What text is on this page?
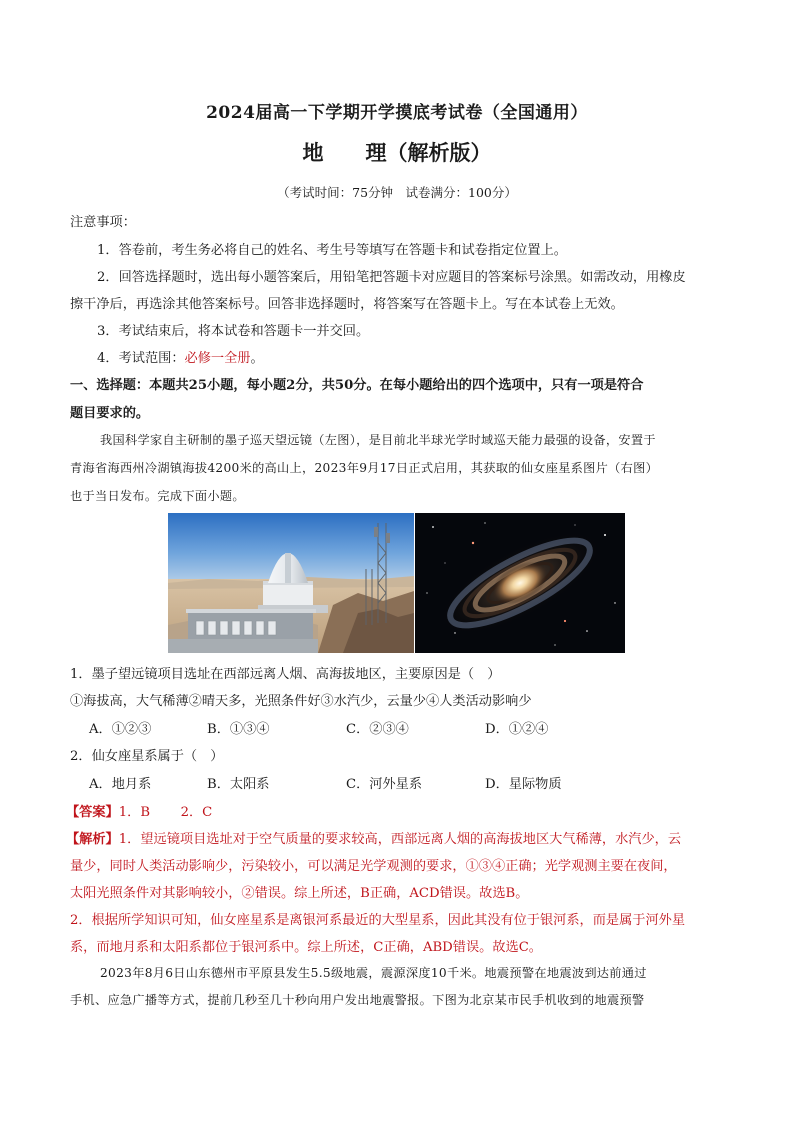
2024届高一下学期开学摸底考试卷（全国通用）
地　　理（解析版）
（考试时间：75分钟　试卷满分：100分）
注意事项：
1．答卷前，考生务必将自己的姓名、考生号等填写在答题卡和试卷指定位置上。
2．回答选择题时，选出每小题答案后，用铅笔把答题卡对应题目的答案标号涂黑。如需改动，用橡皮
擦干净后，再选涂其他答案标号。回答非选择题时，将答案写在答题卡上。写在本试卷上无效。
3．考试结束后，将本试卷和答题卡一并交回。
4．考试范围：必修一全册。
一、选择题：本题共25小题，每小题2分，共50分。在每小题给出的四个选项中，只有一项是符合
题目要求的。
我国科学家自主研制的墨子巡天望远镜（左图），是目前北半球光学时域巡天能力最强的设备，安置于
青海省海西州冷湖镇海拔4200米的高山上，2023年9月17日正式启用，其获取的仙女座星系图片（右图）
也于当日发布。完成下面小题。
1．墨子望远镜项目选址在西部远离人烟、高海拔地区，主要原因是（　）
①海拔高，大气稀薄②晴天多，光照条件好③水汽少，云量少④人类活动影响少
A．①②③	B．①③④	C．②③④	D．①②④
2．仙女座星系属于（　）
A．地月系	B．太阳系	C．河外星系	D．星际物质
【答案】1．B　　 2．C
【解析】1．望远镜项目选址对于空气质量的要求较高，西部远离人烟的高海拔地区大气稀薄，水汽少，云
量少，同时人类活动影响少，污染较小，可以满足光学观测的要求，①③④正确；光学观测主要在夜间，
太阳光照条件对其影响较小，②错误。综上所述，B正确，ACD错误。故选B。
2．根据所学知识可知，仙女座星系是离银河系最近的大型星系，因此其没有位于银河系，而是属于河外星
系，而地月系和太阳系都位于银河系中。综上所述，C正确，ABD错误。故选C。
2023年8月6日山东德州市平原县发生5.5级地震，震源深度10千米。地震预警在地震波到达前通过
手机、应急广播等方式，提前几秒至几十秒向用户发出地震警报。下图为北京某市民手机收到的地震预警
